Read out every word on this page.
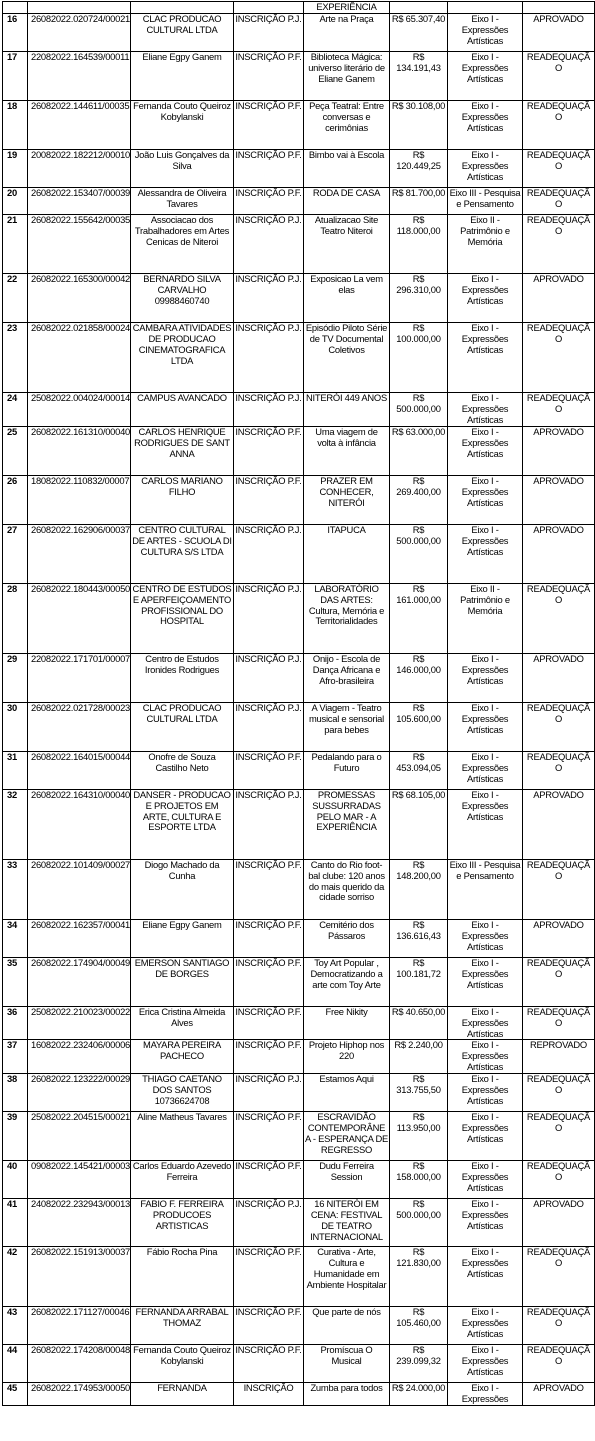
				EXPERIÊNCIA			
16	26082022.020724/00021	CLAC PRODUCAO CULTURAL LTDA	INSCRIÇÃO P.J.	Arte na Praça	R$ 65.307,40	Eixo I - Expressões Artísticas	APROVADO
17	22082022.164539/00011	Eliane Egpy Ganem	INSCRIÇÃO P.F.	Biblioteca Mágica: universo literário de Eliane Ganem	R$ 134.191,43	Eixo I - Expressões Artísticas	READEQUAÇÃO
18	26082022.144611/00035	Fernanda Couto Queiroz Kobylanski	INSCRIÇÃO P.F.	Peça Teatral: Entre conversas e cerimônias	R$ 30.108,00	Eixo I - Expressões Artísticas	READEQUAÇÃO
19	20082022.182212/00010	João Luis Gonçalves da Silva	INSCRIÇÃO P.F.	Bimbo vai à Escola	R$ 120.449,25	Eixo I - Expressões Artísticas	READEQUAÇÃO
20	26082022.153407/00039	Alessandra de Oliveira Tavares	INSCRIÇÃO P.F.	RODA DE CASA	R$ 81.700,00	Eixo III - Pesquisa e Pensamento	READEQUAÇÃO
21	26082022.155642/00035	Associacao dos Trabalhadores em Artes Cenicas de Niteroi	INSCRIÇÃO P.J.	Atualizacao Site Teatro Niteroi	R$ 118.000,00	Eixo II - Patrimônio e Memória	READEQUAÇÃO
22	26082022.165300/00042	BERNARDO SILVA CARVALHO 09988460740	INSCRIÇÃO P.J.	Exposicao La vem elas	R$ 296.310,00	Eixo I - Expressões Artísticas	APROVADO
23	26082022.021858/00024	CAMBARA ATIVIDADES DE PRODUCAO CINEMATOGRAFICA LTDA	INSCRIÇÃO P.J.	Episódio Piloto Série de TV Documental Coletivos	R$ 100.000,00	Eixo I - Expressões Artísticas	READEQUAÇÃO
24	25082022.004024/00014	CAMPUS AVANCADO	INSCRIÇÃO P.J.	NITERÓI 449 ANOS	R$ 500.000,00	Eixo I - Expressões Artísticas	READEQUAÇÃO
25	26082022.161310/00040	CARLOS HENRIQUE RODRIGUES DE SANT ANNA	INSCRIÇÃO P.F.	Uma viagem de volta à infância	R$ 63.000,00	Eixo I - Expressões Artísticas	APROVADO
26	18082022.110832/00007	CARLOS MARIANO FILHO	INSCRIÇÃO P.F.	PRAZER EM CONHECER, NITERÓI	R$ 269.400,00	Eixo I - Expressões Artísticas	APROVADO
27	26082022.162906/00037	CENTRO CULTURAL DE ARTES - SCUOLA DI CULTURA S/S LTDA	INSCRIÇÃO P.J.	ITAPUCA	R$ 500.000,00	Eixo I - Expressões Artísticas	APROVADO
28	26082022.180443/00050	CENTRO DE ESTUDOS E APERFEIÇOAMENTO PROFISSIONAL DO HOSPITAL	INSCRIÇÃO P.J.	LABORATÓRIO DAS ARTES: Cultura, Memória e Territorialidades	R$ 161.000,00	Eixo II - Patrimônio e Memória	READEQUAÇÃO
29	22082022.171701/00007	Centro de Estudos Ironides Rodrigues	INSCRIÇÃO P.J.	Onijo - Escola de Dança Africana e Afro-brasileira	R$ 146.000,00	Eixo I - Expressões Artísticas	APROVADO
30	26082022.021728/00023	CLAC PRODUCAO CULTURAL LTDA	INSCRIÇÃO P.J.	A Viagem - Teatro musical e sensorial para bebes	R$ 105.600,00	Eixo I - Expressões Artísticas	READEQUAÇÃO
31	26082022.164015/00044	Onofre de Souza Castilho Neto	INSCRIÇÃO P.F.	Pedalando para o Futuro	R$ 453.094,05	Eixo I - Expressões Artísticas	READEQUAÇÃO
32	26082022.164310/00040	DANSER - PRODUCAO E PROJETOS EM ARTE, CULTURA E ESPORTE LTDA	INSCRIÇÃO P.J.	PROMESSAS SUSSURRADAS PELO MAR - A EXPERIÊNCIA	R$ 68.105,00	Eixo I - Expressões Artísticas	APROVADO
33	26082022.101409/00027	Diogo Machado da Cunha	INSCRIÇÃO P.F.	Canto do Rio foot-bal clube: 120 anos do mais querido da cidade sorriso	R$ 148.200,00	Eixo III - Pesquisa e Pensamento	READEQUAÇÃO
34	26082022.162357/00041	Eliane Egpy Ganem	INSCRIÇÃO P.F.	Cemitério dos Pássaros	R$ 136.616,43	Eixo I - Expressões Artísticas	APROVADO
35	26082022.174904/00049	EMERSON SANTIAGO DE BORGES	INSCRIÇÃO P.F.	Toy Art Popular , Democratizando a arte com Toy Arte	R$ 100.181,72	Eixo I - Expressões Artísticas	READEQUAÇÃO
36	25082022.210023/00022	Erica Cristina Almeida Alves	INSCRIÇÃO P.F.	Free Nikity	R$ 40.650,00	Eixo I - Expressões Artísticas	READEQUAÇÃO
37	16082022.232406/00006	MAYARA PEREIRA PACHECO	INSCRIÇÃO P.F.	Projeto Hiphop nos 220	R$ 2.240,00	Eixo I - Expressões Artísticas	REPROVADO
38	26082022.123222/00029	THIAGO CAETANO DOS SANTOS 10736624708	INSCRIÇÃO P.J.	Estamos Aqui	R$ 313.755,50	Eixo I - Expressões Artísticas	READEQUAÇÃO
39	25082022.204515/00021	Aline Matheus Tavares	INSCRIÇÃO P.F.	ESCRAVIDÃO CONTEMPORÂNEA - ESPERANÇA DE REGRESSO	R$ 113.950,00	Eixo I - Expressões Artísticas	READEQUAÇÃO
40	09082022.145421/00003	Carlos Eduardo Azevedo Ferreira	INSCRIÇÃO P.F.	Dudu Ferreira Session	R$ 158.000,00	Eixo I - Expressões Artísticas	READEQUAÇÃO
41	24082022.232943/00013	FABIO F. FERREIRA PRODUCOES ARTISTICAS	INSCRIÇÃO P.J.	16 NITERÓI EM CENA: FESTIVAL DE TEATRO INTERNACIONAL	R$ 500.000,00	Eixo I - Expressões Artísticas	APROVADO
42	26082022.151913/00037	Fábio Rocha Pina	INSCRIÇÃO P.F.	Curativa - Arte, Cultura e Humanidade em Ambiente Hospitalar	R$ 121.830,00	Eixo I - Expressões Artísticas	READEQUAÇÃO
43	26082022.171127/00046	FERNANDA ARRABAL THOMAZ	INSCRIÇÃO P.F.	Que parte de nós	R$ 105.460,00	Eixo I - Expressões Artísticas	READEQUAÇÃO
44	26082022.174208/00048	Fernanda Couto Queiroz Kobylanski	INSCRIÇÃO P.F.	Promíscua O Musical	R$ 239.099,32	Eixo I - Expressões Artísticas	READEQUAÇÃO
45	26082022.174953/00050	FERNANDA	INSCRIÇÃO	Zumba para todos	R$ 24.000,00	Eixo I - Expressões	APROVADO
